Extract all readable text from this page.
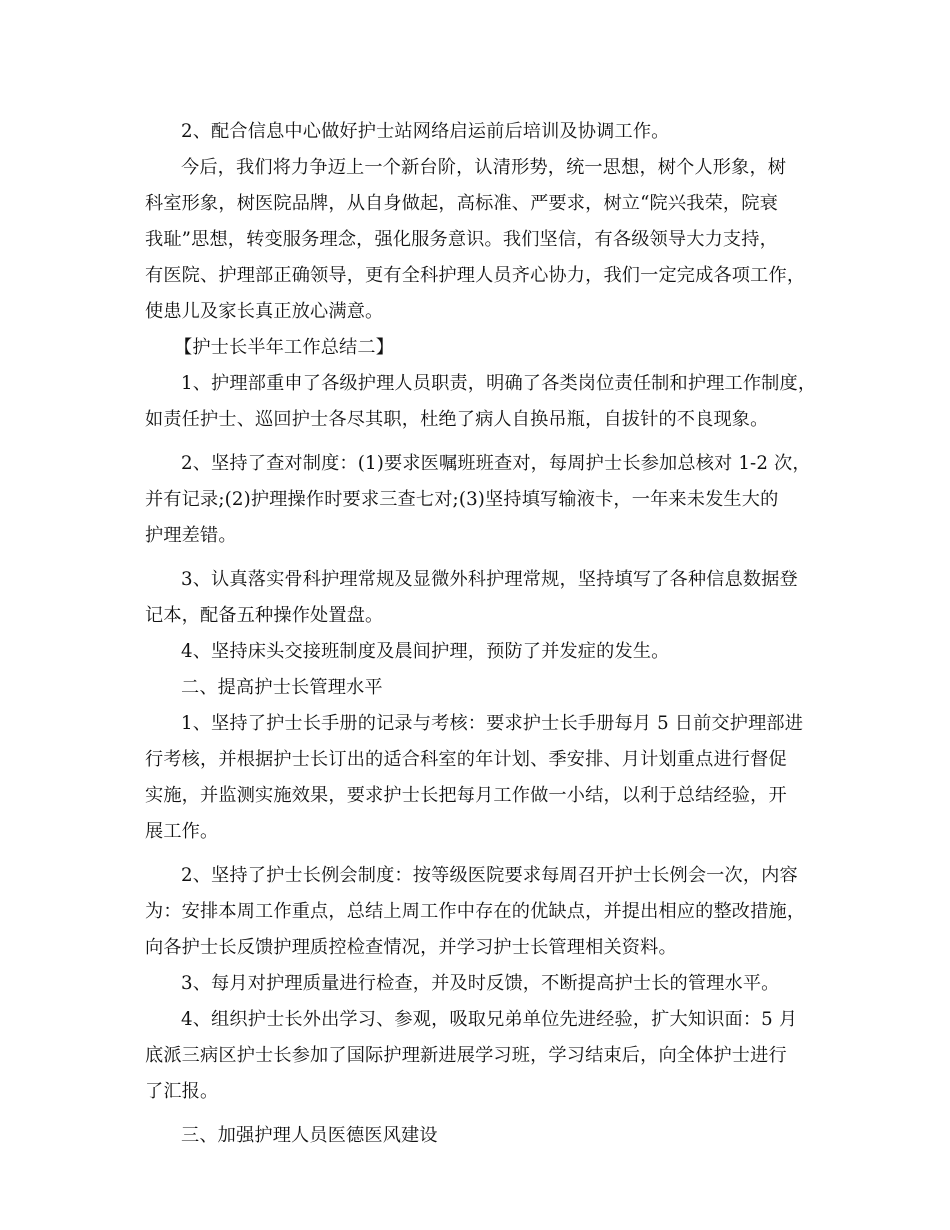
2、配合信息中心做好护士站网络启运前后培训及协调工作。
今后，我们将力争迈上一个新台阶，认清形势，统一思想，树个人形象，树
科室形象，树医院品牌，从自身做起，高标准、严要求，树立“院兴我荣，院衰
我耻”思想，转变服务理念，强化服务意识。我们坚信，有各级领导大力支持，
有医院、护理部正确领导，更有全科护理人员齐心协力，我们一定完成各项工作，
使患儿及家长真正放心满意。
【护士长半年工作总结二】
1、护理部重申了各级护理人员职责，明确了各类岗位责任制和护理工作制度，
如责任护士、巡回护士各尽其职，杜绝了病人自换吊瓶，自拔针的不良现象。
2、坚持了查对制度：(1)要求医嘱班班查对，每周护士长参加总核对 1-2 次，
并有记录;(2)护理操作时要求三查七对;(3)坚持填写输液卡，一年来未发生大的
护理差错。
3、认真落实骨科护理常规及显微外科护理常规，坚持填写了各种信息数据登
记本，配备五种操作处置盘。
4、坚持床头交接班制度及晨间护理，预防了并发症的发生。
二、提高护士长管理水平
1、坚持了护士长手册的记录与考核：要求护士长手册每月 5 日前交护理部进
行考核，并根据护士长订出的适合科室的年计划、季安排、月计划重点进行督促
实施，并监测实施效果，要求护士长把每月工作做一小结，以利于总结经验，开
展工作。
2、坚持了护士长例会制度：按等级医院要求每周召开护士长例会一次，内容
为：安排本周工作重点，总结上周工作中存在的优缺点，并提出相应的整改措施，
向各护士长反馈护理质控检查情况，并学习护士长管理相关资料。
3、每月对护理质量进行检查，并及时反馈，不断提高护士长的管理水平。
4、组织护士长外出学习、参观，吸取兄弟单位先进经验，扩大知识面：5 月
底派三病区护士长参加了国际护理新进展学习班，学习结束后，向全体护士进行
了汇报。
三、加强护理人员医德医风建设
